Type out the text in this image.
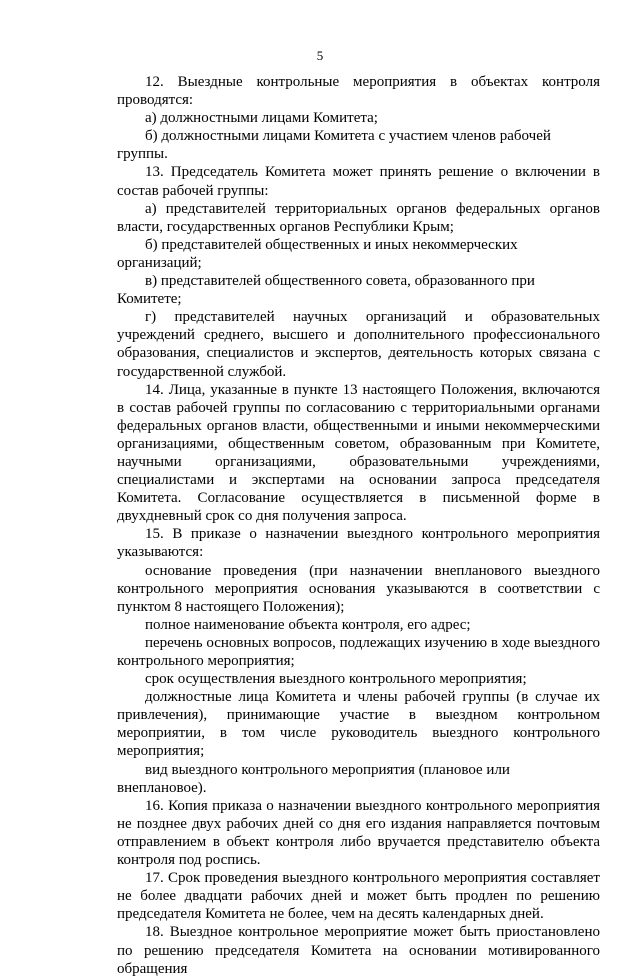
5

12. Выездные контрольные мероприятия в объектах контроля проводятся:

а) должностными лицами Комитета;

б) должностными лицами Комитета с участием членов рабочей группы.

13. Председатель Комитета может принять решение о включении в состав рабочей группы:

а) представителей территориальных органов федеральных органов власти, государственных органов Республики Крым;

б) представителей общественных и иных некоммерческих организаций;

в) представителей общественного совета, образованного при Комитете;

г) представителей научных организаций и образовательных учреждений среднего, высшего и дополнительного профессионального образования, специалистов и экспертов, деятельность которых связана с государственной службой.

14. Лица, указанные в пункте 13 настоящего Положения, включаются в состав рабочей группы по согласованию с территориальными органами федеральных органов власти, общественными и иными некоммерческими организациями, общественным советом, образованным при Комитете, научными организациями, образовательными учреждениями, специалистами и экспертами на основании запроса председателя Комитета. Согласование осуществляется в письменной форме в двухдневный срок со дня получения запроса.

15. В приказе о назначении выездного контрольного мероприятия указываются:

основание проведения (при назначении внепланового выездного контрольного мероприятия основания указываются в соответствии с пунктом 8 настоящего Положения);

полное наименование объекта контроля, его адрес;

перечень основных вопросов, подлежащих изучению в ходе выездного контрольного мероприятия;

срок осуществления выездного контрольного мероприятия;

должностные лица Комитета и члены рабочей группы (в случае их привлечения), принимающие участие в выездном контрольном мероприятии, в том числе руководитель выездного контрольного мероприятия;

вид выездного контрольного мероприятия (плановое или внеплановое).

16. Копия приказа о назначении выездного контрольного мероприятия не позднее двух рабочих дней со дня его издания направляется почтовым отправлением в объект контроля либо вручается представителю объекта контроля под роспись.

17. Срок проведения выездного контрольного мероприятия составляет не более двадцати рабочих дней и может быть продлен по решению председателя Комитета не более, чем на десять календарных дней.

18. Выездное контрольное мероприятие может быть приостановлено по решению председателя Комитета на основании мотивированного обращения
